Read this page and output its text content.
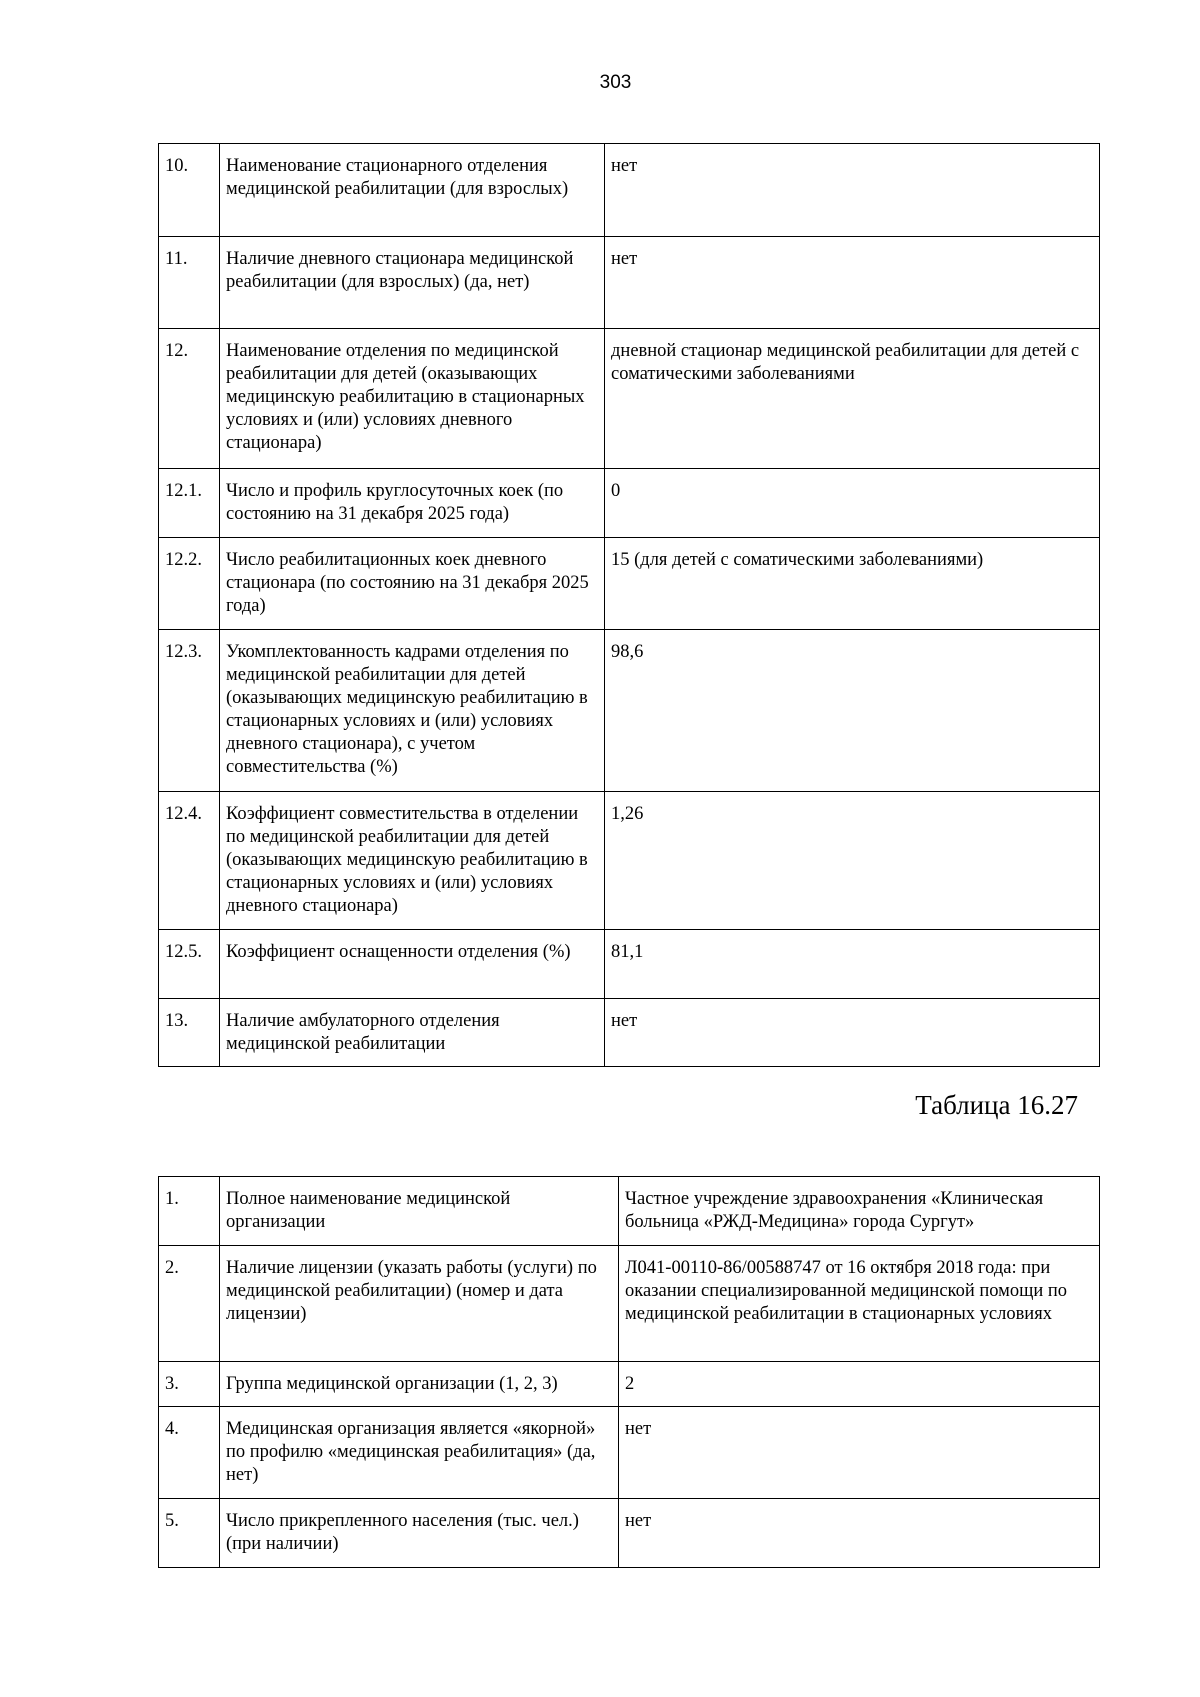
303
10.	Наименование стационарного отделения медицинской реабилитации (для взрослых)	нет
11.	Наличие дневного стационара медицинской реабилитации (для взрослых) (да, нет)	нет
12.	Наименование отделения по медицинской реабилитации для детей (оказывающих медицинскую реабилитацию в стационарных условиях и (или) условиях дневного стационара)	дневной стационар медицинской реабилитации для детей с соматическими заболеваниями
12.1.	Число и профиль круглосуточных коек (по состоянию на 31 декабря 2025 года)	0
12.2.	Число реабилитационных коек дневного стационара (по состоянию на 31 декабря 2025 года)	15 (для детей с соматическими заболеваниями)
12.3.	Укомплектованность кадрами отделения по медицинской реабилитации для детей (оказывающих медицинскую реабилитацию в стационарных условиях и (или) условиях дневного стационара), с учетом совместительства (%)	98,6
12.4.	Коэффициент совместительства в отделении по медицинской реабилитации для детей (оказывающих медицинскую реабилитацию в стационарных условиях и (или) условиях дневного стационара)	1,26
12.5.	Коэффициент оснащенности отделения (%)	81,1
13.	Наличие амбулаторного отделения медицинской реабилитации	нет
Таблица 16.27
1.	Полное наименование медицинской организации	Частное учреждение здравоохранения «Клиническая больница «РЖД-Медицина» города Сургут»
2.	Наличие лицензии (указать работы (услуги) по медицинской реабилитации) (номер и дата лицензии)	Л041-00110-86/00588747 от 16 октября 2018 года: при оказании специализированной медицинской помощи по медицинской реабилитации в стационарных условиях
3.	Группа медицинской организации (1, 2, 3)	2
4.	Медицинская организация является «якорной» по профилю «медицинская реабилитация» (да, нет)	нет
5.	Число прикрепленного населения (тыс. чел.) (при наличии)	нет
